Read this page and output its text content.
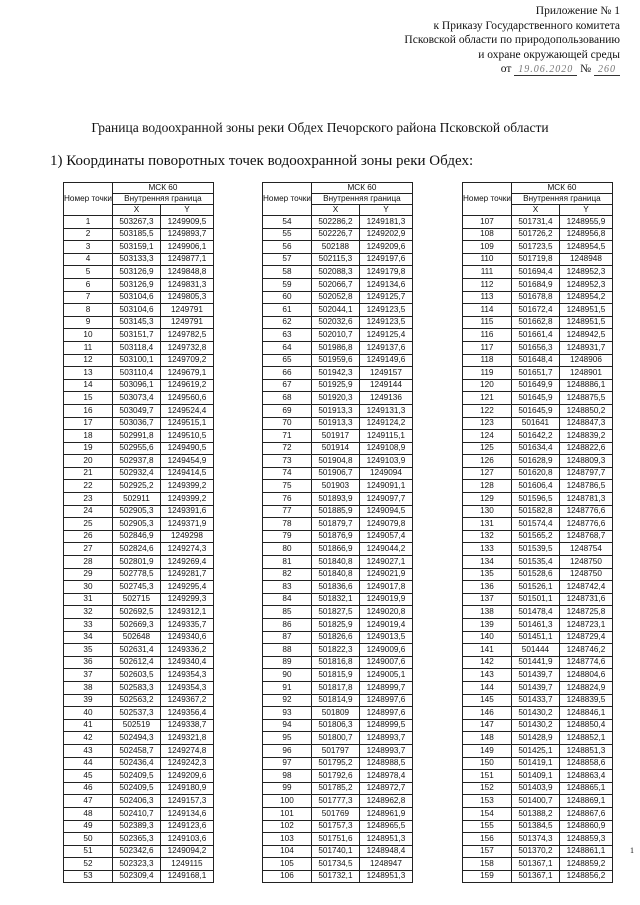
Приложение № 1
к Приказу Государственного комитета
Псковской области по природопользованию
и охране окружающей среды
от 19.06.2020 № 260
Граница водоохранной зоны реки Обдех Печорского района Псковской области
1) Координаты поворотных точек водоохранной зоны реки Обдех:
Номер точки	МСК 60	
	Внутренняя граница	
	X	Y
1	503267,3	1249909,5
2	503185,5	1249893,7
3	503159,1	1249906,1
4	503133,3	1249877,1
5	503126,9	1249848,8
6	503126,9	1249831,3
7	503104,6	1249805,3
8	503104,6	1249791
9	503145,3	1249791
10	503151,7	1249782,5
11	503118,4	1249732,8
12	503100,1	1249709,2
13	503110,4	1249679,1
14	503096,1	1249619,2
15	503073,4	1249560,6
16	503049,7	1249524,4
17	503036,7	1249515,1
18	502991,8	1249510,5
19	502955,6	1249490,5
20	502937,8	1249454,9
21	502932,4	1249414,5
22	502925,2	1249399,2
23	502911	1249399,2
24	502905,3	1249391,6
25	502905,3	1249371,9
26	502846,9	1249298
27	502824,6	1249274,3
28	502801,9	1249269,4
29	502778,5	1249281,7
30	502745,3	1249295,4
31	502715	1249299,3
32	502692,5	1249312,1
33	502669,3	1249335,7
34	502648	1249340,6
35	502631,4	1249336,2
36	502612,4	1249340,4
37	502603,5	1249354,3
38	502583,3	1249354,3
39	502563,2	1249367,2
40	502537,3	1249356,4
41	502519	1249338,7
42	502494,3	1249321,8
43	502458,7	1249274,8
44	502436,4	1249242,3
45	502409,5	1249209,6
46	502409,5	1249180,9
47	502406,3	1249157,3
48	502410,7	1249134,6
49	502389,3	1249123,6
50	502365,3	1249103,6
51	502342,6	1249094,2
52	502323,3	1249115
53	502309,4	1249168,1
Номер точки	МСК 60	
	Внутренняя граница	
	X	Y
54	502286,2	1249181,3
55	502226,7	1249202,9
56	502188	1249209,6
57	502115,3	1249197,6
58	502088,3	1249179,8
59	502066,7	1249134,6
60	502052,8	1249125,7
61	502044,1	1249123,5
62	502032,6	1249123,5
63	502010,7	1249125,4
64	501986,8	1249137,6
65	501959,6	1249149,6
66	501942,3	1249157
67	501925,9	1249144
68	501920,3	1249136
69	501913,3	1249131,3
70	501913,3	1249124,2
71	501917	1249115,1
72	501914	1249108,9
73	501904,8	1249103,9
74	501906,7	1249094
75	501903	1249091,1
76	501893,9	1249097,7
77	501885,9	1249094,5
78	501879,7	1249079,8
79	501876,9	1249057,4
80	501866,9	1249044,2
81	501840,8	1249027,1
82	501840,8	1249021,9
83	501836,6	1249017,8
84	501832,1	1249019,9
85	501827,5	1249020,8
86	501825,9	1249019,4
87	501826,6	1249013,5
88	501822,3	1249009,6
89	501816,8	1249007,6
90	501815,9	1249005,1
91	501817,8	1248999,7
92	501814,9	1248997,6
93	501809	1248997,6
94	501806,3	1248999,5
95	501800,7	1248993,7
96	501797	1248993,7
97	501795,2	1248988,5
98	501792,6	1248978,4
99	501785,2	1248972,7
100	501777,3	1248962,8
101	501769	1248961,9
102	501757,3	1248965,5
103	501751,6	1248951,3
104	501740,1	1248948,4
105	501734,5	1248947
106	501732,1	1248951,3
Номер точки	МСК 60	
	Внутренняя граница	
	X	Y
107	501731,4	1248955,9
108	501726,2	1248956,8
109	501723,5	1248954,5
110	501719,8	1248948
111	501694,4	1248952,3
112	501684,9	1248952,3
113	501678,8	1248954,2
114	501672,4	1248951,5
115	501662,8	1248951,5
116	501661,4	1248942,5
117	501656,3	1248931,7
118	501648,4	1248906
119	501651,7	1248901
120	501649,9	1248886,1
121	501645,9	1248875,5
122	501645,9	1248850,2
123	501641	1248847,3
124	501642,2	1248839,2
125	501634,4	1248822,6
126	501628,9	1248809,3
127	501620,8	1248797,7
128	501606,4	1248786,5
129	501596,5	1248781,3
130	501582,8	1248776,6
131	501574,4	1248776,6
132	501565,2	1248768,7
133	501539,5	1248754
134	501535,4	1248750
135	501528,6	1248750
136	501526,1	1248742,4
137	501501,1	1248731,6
138	501478,4	1248725,8
139	501461,3	1248723,1
140	501451,1	1248729,4
141	501444	1248746,2
142	501441,9	1248774,6
143	501439,7	1248804,6
144	501439,7	1248824,9
145	501433,7	1248839,5
146	501430,2	1248846,1
147	501430,2	1248850,4
148	501428,9	1248852,1
149	501425,1	1248851,3
150	501419,1	1248858,6
151	501409,1	1248863,4
152	501403,9	1248865,1
153	501400,7	1248869,1
154	501388,2	1248867,6
155	501384,5	1248860,9
156	501374,3	1248859,3
157	501370,2	1248861,1
158	501367,1	1248859,2
159	501367,1	1248856,2
1
